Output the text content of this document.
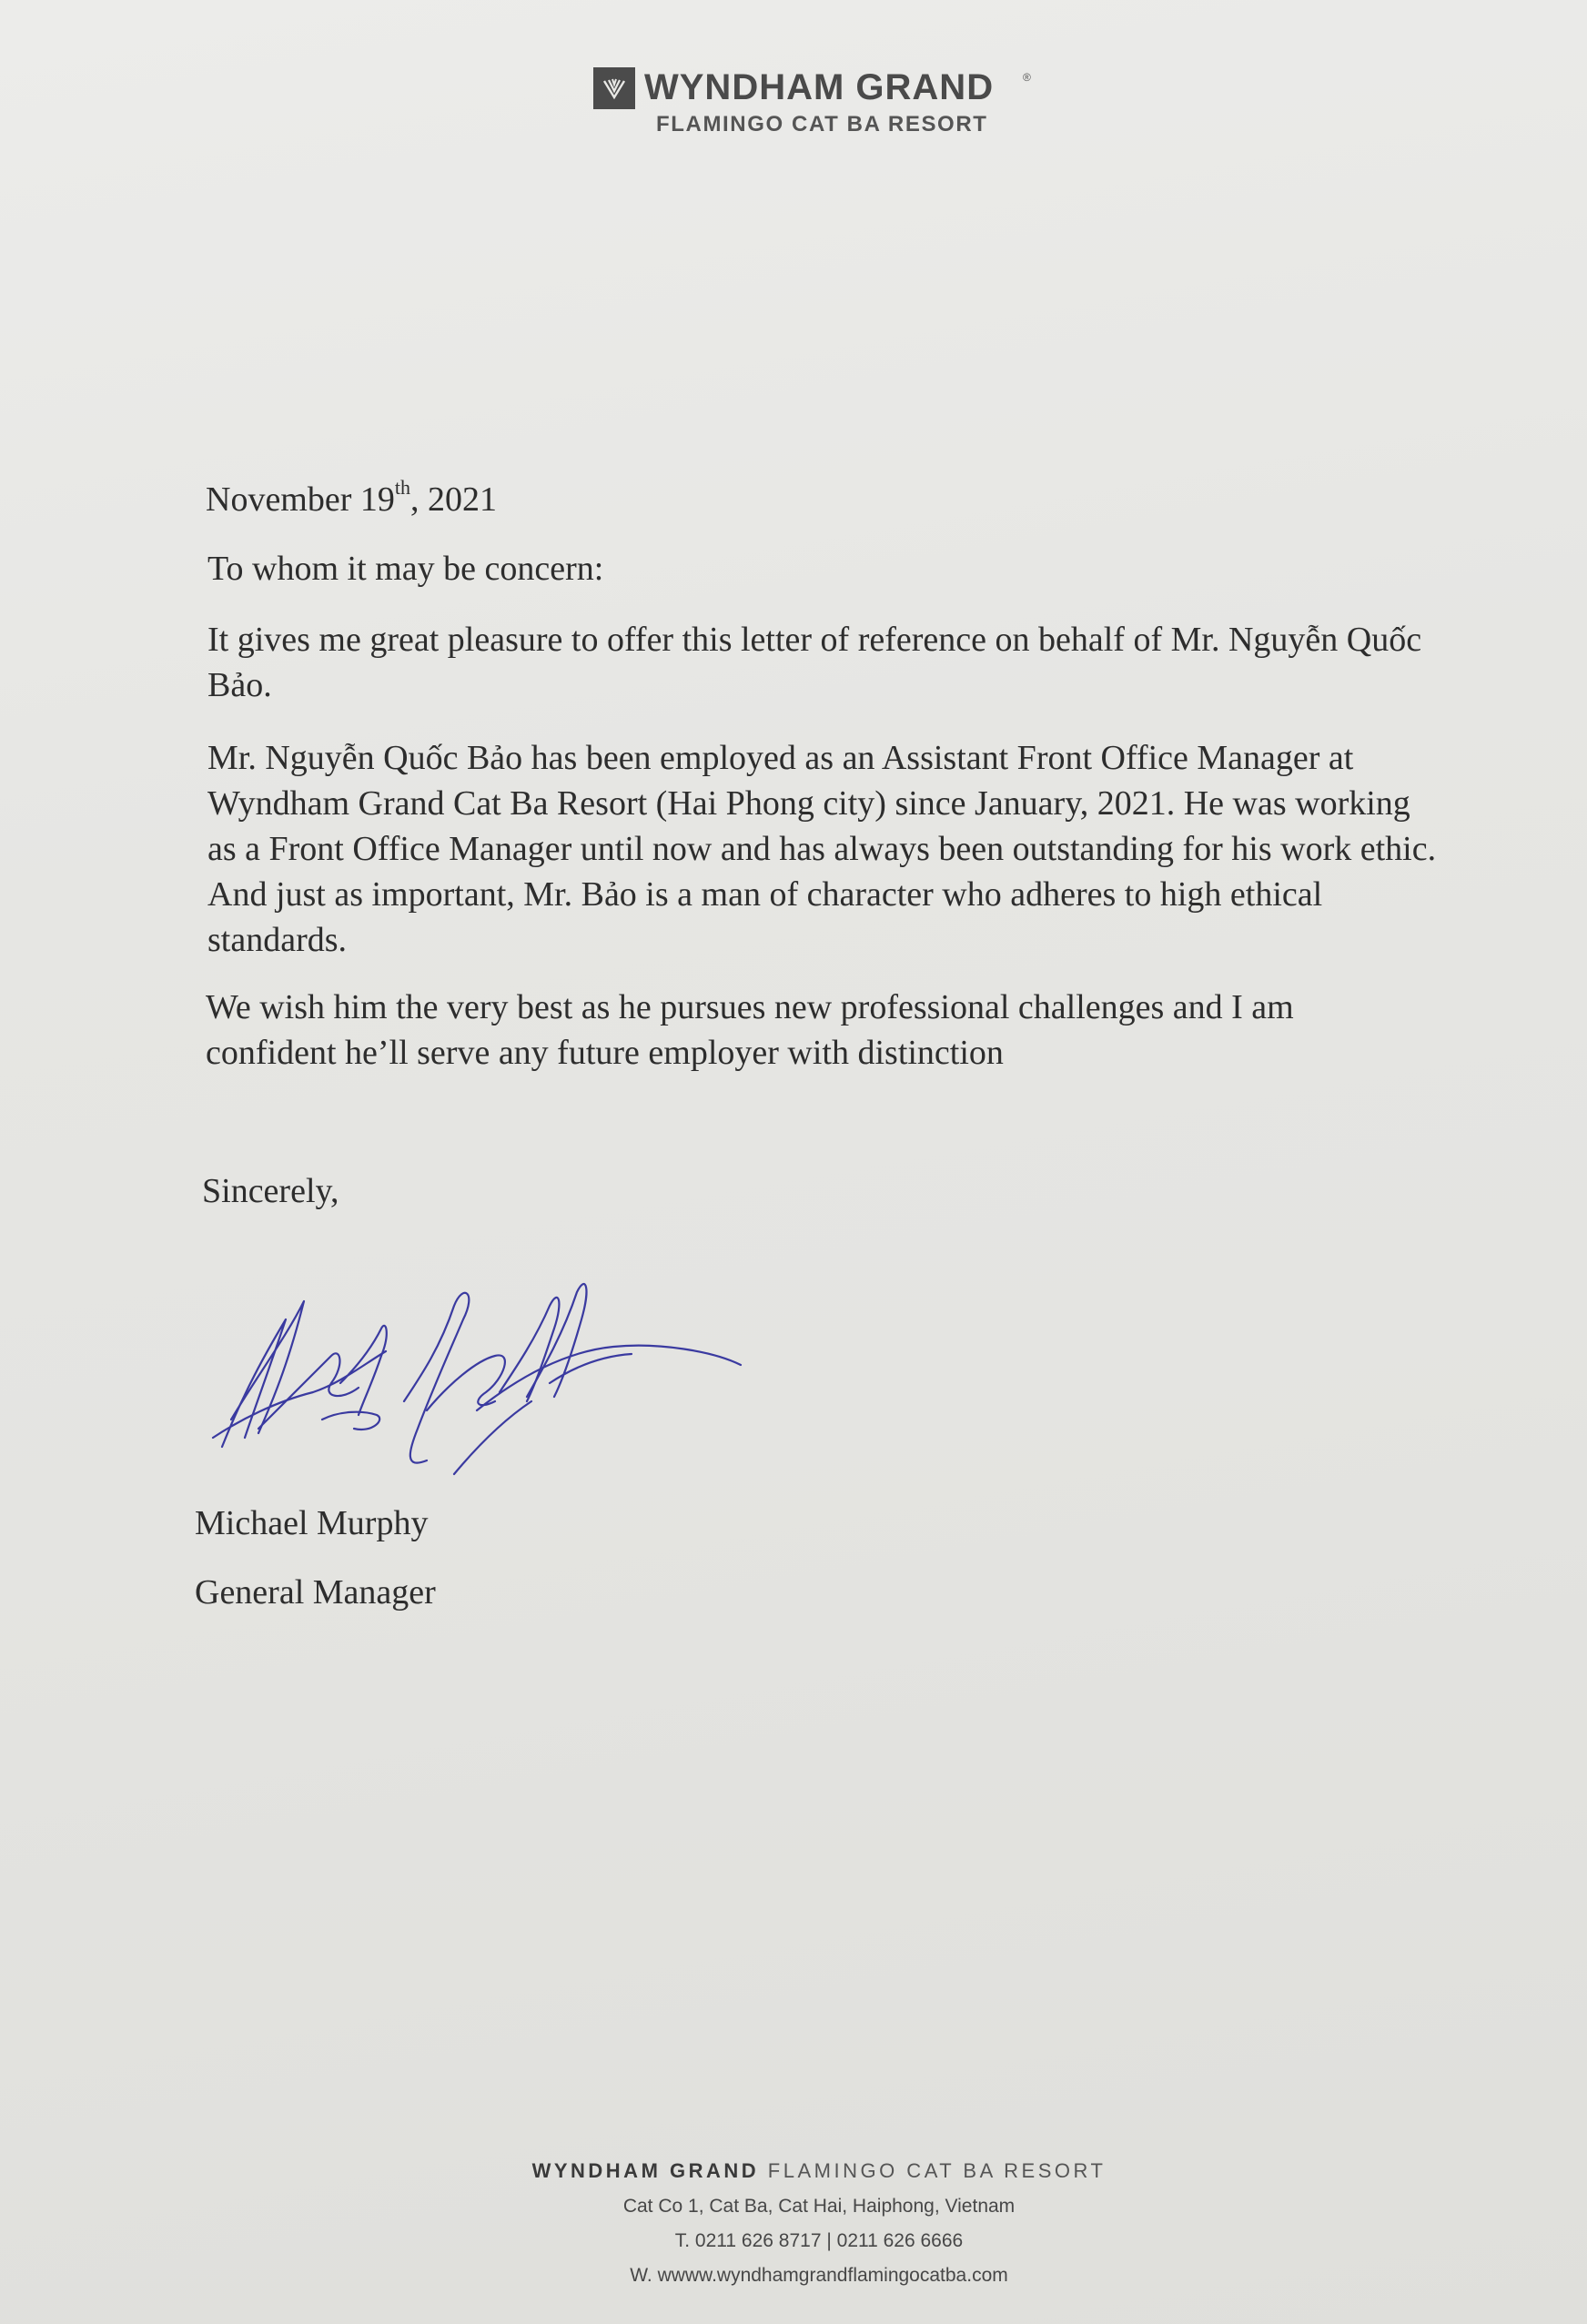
WYNDHAM GRAND	®
FLAMINGO CAT BA RESORT

November 19th, 2021

To whom it may be concern:

It gives me great pleasure to offer this letter of reference on behalf of Mr. Nguyễn Quốc Bảo.

Mr. Nguyễn Quốc Bảo has been employed as an Assistant Front Office Manager at Wyndham Grand Cat Ba Resort (Hai Phong city) since January, 2021. He was working as a Front Office Manager until now and has always been outstanding for his work ethic. And just as important, Mr. Bảo is a man of character who adheres to high ethical standards.

We wish him the very best as he pursues new professional challenges and I am confident he’ll serve any future employer with distinction

Sincerely,

Michael Murphy
General Manager
WYNDHAM GRAND FLAMINGO CAT BA RESORT
Cat Co 1, Cat Ba, Cat Hai, Haiphong, Vietnam
T. 0211 626 8717 | 0211 626 6666
W. wwww.wyndhamgrandflamingocatba.com
